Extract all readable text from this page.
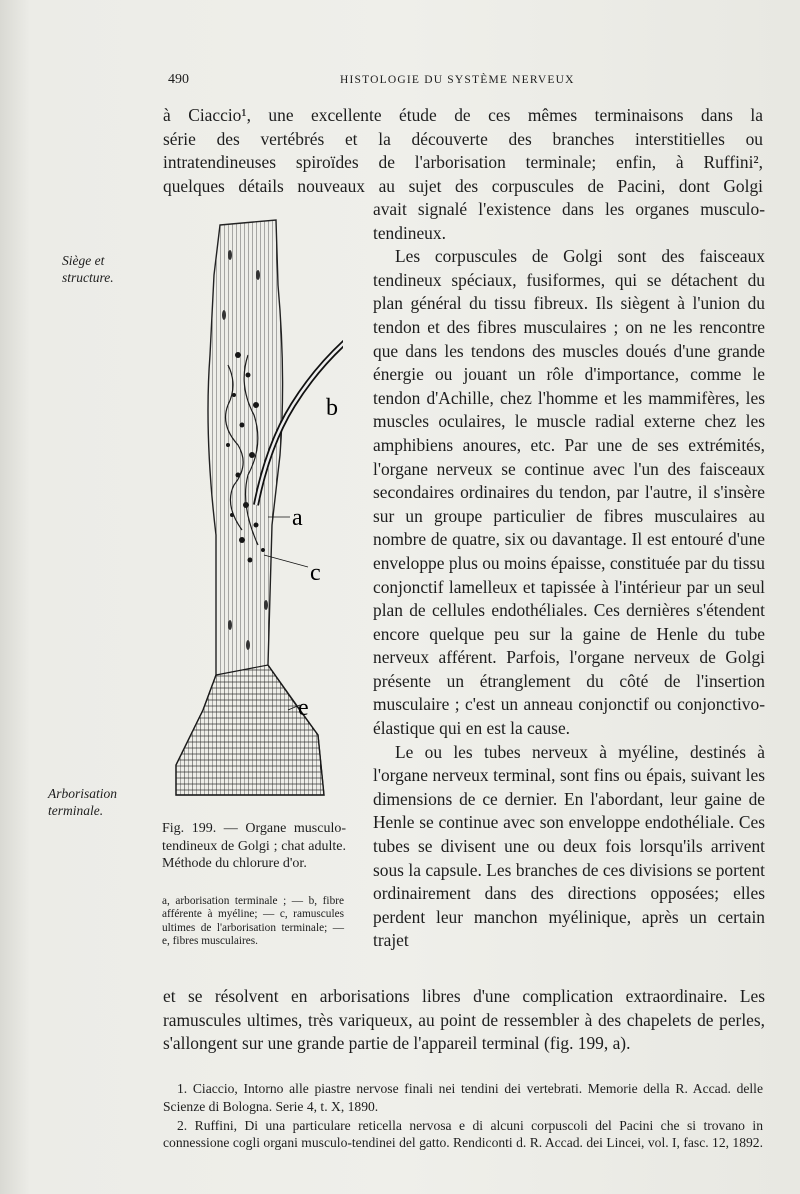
490	HISTOLOGIE DU SYSTÈME NERVEUX

à Ciaccio¹, une excellente étude de ces mêmes terminaisons dans la

série des vertébrés et la découverte des branches interstitielles ou

intratendineuses spiroïdes de l'arborisation terminale; enfin, à Ruffini²,

quelques détails nouveaux au sujet des corpuscules de Pacini, dont Golgi

avait signalé l'existence dans les organes musculo-tendineux.

Les corpuscules de Golgi sont des faisceaux tendineux spéciaux, fusiformes, qui se détachent du plan général du tissu fibreux. Ils siègent à l'union du tendon et des fibres musculaires ; on ne les rencontre que dans les tendons des muscles doués d'une grande énergie ou jouant un rôle d'importance, comme le tendon d'Achille, chez l'homme et les mammifères, les muscles oculaires, le muscle radial externe chez les amphibiens anoures, etc. Par une de ses extrémités, l'organe nerveux se continue avec l'un des faisceaux secondaires ordinaires du tendon, par l'autre, il s'insère sur un groupe particulier de fibres musculaires au nombre de quatre, six ou davantage. Il est entouré d'une enveloppe plus ou moins épaisse, constituée par du tissu conjonctif lamelleux et tapissée à l'intérieur par un seul plan de cellules endothéliales. Ces dernières s'étendent encore quelque peu sur la gaine de Henle du tube nerveux afférent. Parfois, l'organe nerveux de Golgi présente un étranglement du côté de l'insertion musculaire ; c'est un anneau conjonctif ou conjonctivo-élastique qui en est la cause.

Le ou les tubes nerveux à myéline, destinés à l'organe nerveux terminal, sont fins ou épais, suivant les dimensions de ce dernier. En l'abordant, leur gaine de Henle se continue avec son enveloppe endothéliale. Ces tubes se divisent une ou deux fois lorsqu'ils arrivent sous la capsule. Les branches de ces divisions se portent ordinairement dans des directions opposées; elles perdent leur manchon myélinique, après un certain trajet

et se résolvent en arborisations libres d'une complication extraordinaire. Les ramuscules ultimes, très variqueux, au point de ressembler à des chapelets de perles, s'allongent sur une grande partie de l'appareil terminal (fig. 199, a).

Siège et structure.
Arborisation terminale.
b
a
c
e
Fig. 199. — Organe musculo-tendineux de Golgi ; chat adulte. Méthode du chlorure d'or.
a, arborisation terminale ; — b, fibre afférente à myéline; — c, ramuscules ultimes de l'arborisation terminale; — e, fibres musculaires.

1. Ciaccio, Intorno alle piastre nervose finali nei tendini dei vertebrati. Memorie della R. Accad. delle Scienze di Bologna. Serie 4, t. X, 1890.

2. Ruffini, Di una particulare reticella nervosa e di alcuni corpuscoli del Pacini che si trovano in connessione cogli organi musculo-tendinei del gatto. Rendiconti d. R. Accad. dei Lincei, vol. I, fasc. 12, 1892.
